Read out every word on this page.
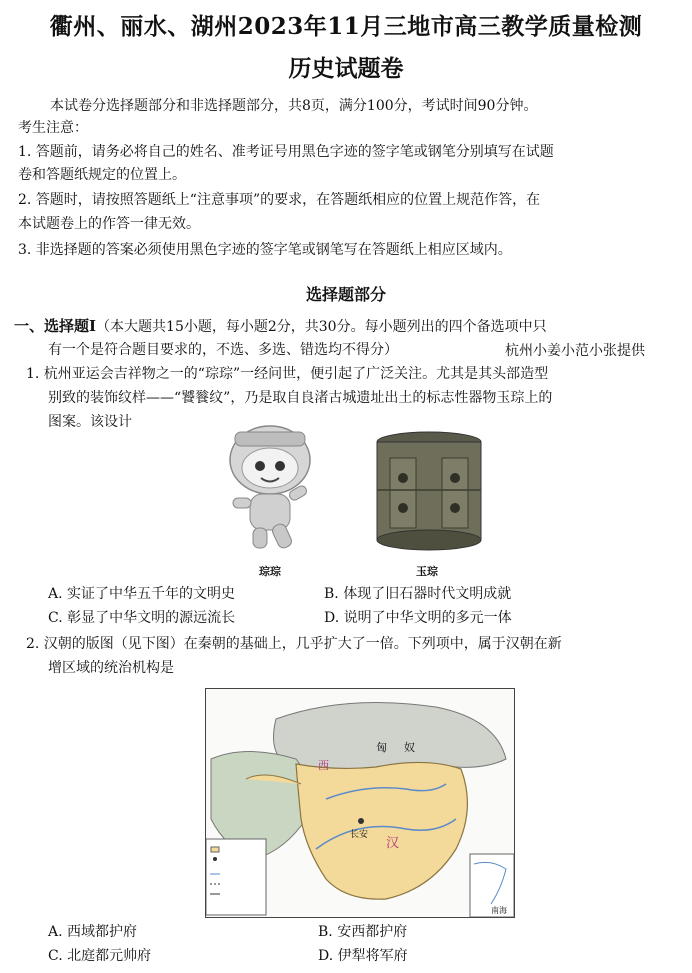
衢州、丽水、湖州2023年11月三地市高三教学质量检测
历史试题卷
本试卷分选择题部分和非选择题部分，共8页，满分100分，考试时间90分钟。
考生注意：
1. 答题前，请务必将自己的姓名、准考证号用黑色字迹的签字笔或钢笔分别填写在试题
卷和答题纸规定的位置上。
2. 答题时，请按照答题纸上“注意事项”的要求，在答题纸相应的位置上规范作答，在
本试题卷上的作答一律无效。
3. 非选择题的答案必须使用黑色字迹的签字笔或钢笔写在答题纸上相应区域内。
选择题部分
一、选择题Ⅰ（本大题共15小题，每小题2分，共30分。每小题列出的四个备选项中只
有一个是符合题目要求的，不选、多选、错选均不得分）	杭州小姜小范小张提供
1. 杭州亚运会吉祥物之一的“琮琮”一经问世，便引起了广泛关注。尤其是其头部造型
别致的装饰纹样——“饕餮纹”，乃是取自良渚古城遗址出土的标志性器物玉琮上的
图案。该设计
琮琮	玉琮
A. 实证了中华五千年的文明史	B. 体现了旧石器时代文明成就
C. 彰显了中华文明的源远流长	D. 说明了中华文明的多元一体
2. 汉朝的版图（见下图）在秦朝的基础上，几乎扩大了一倍。下列项中，属于汉朝在新
增区域的统治机构是
西
匈 奴
长安
汉
南海
A. 西域都护府	B. 安西都护府
C. 北庭都元帅府	D. 伊犁将军府
